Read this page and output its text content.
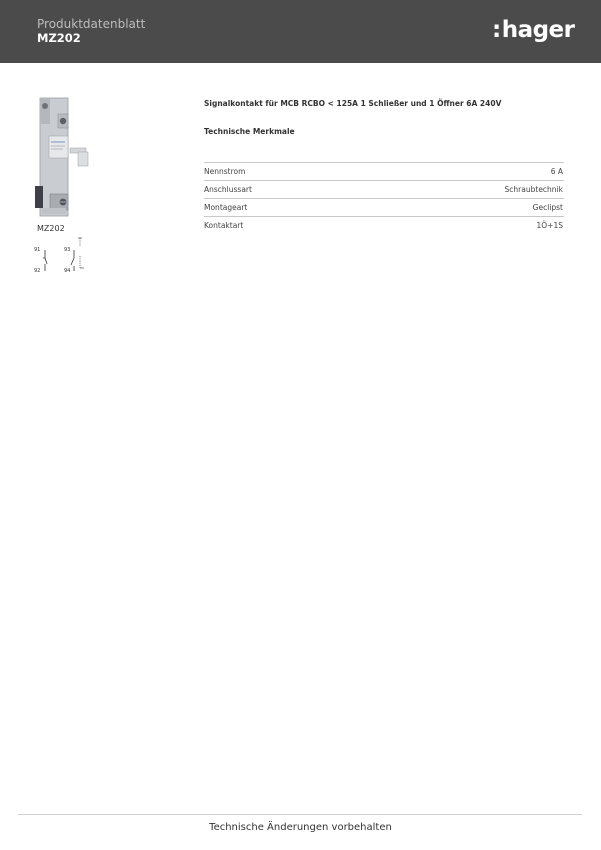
Produktdatenblatt
MZ202	:hager
MZ202
91
92
93
94
Signalkontakt für MCB RCBO < 125A 1 Schließer und 1 Öffner 6A 240V
Technische Merkmale
Nennstrom	6 A
Anschlussart	Schraubtechnik
Montageart	Geclipst
Kontaktart	1Ö+1S
Technische Änderungen vorbehalten
